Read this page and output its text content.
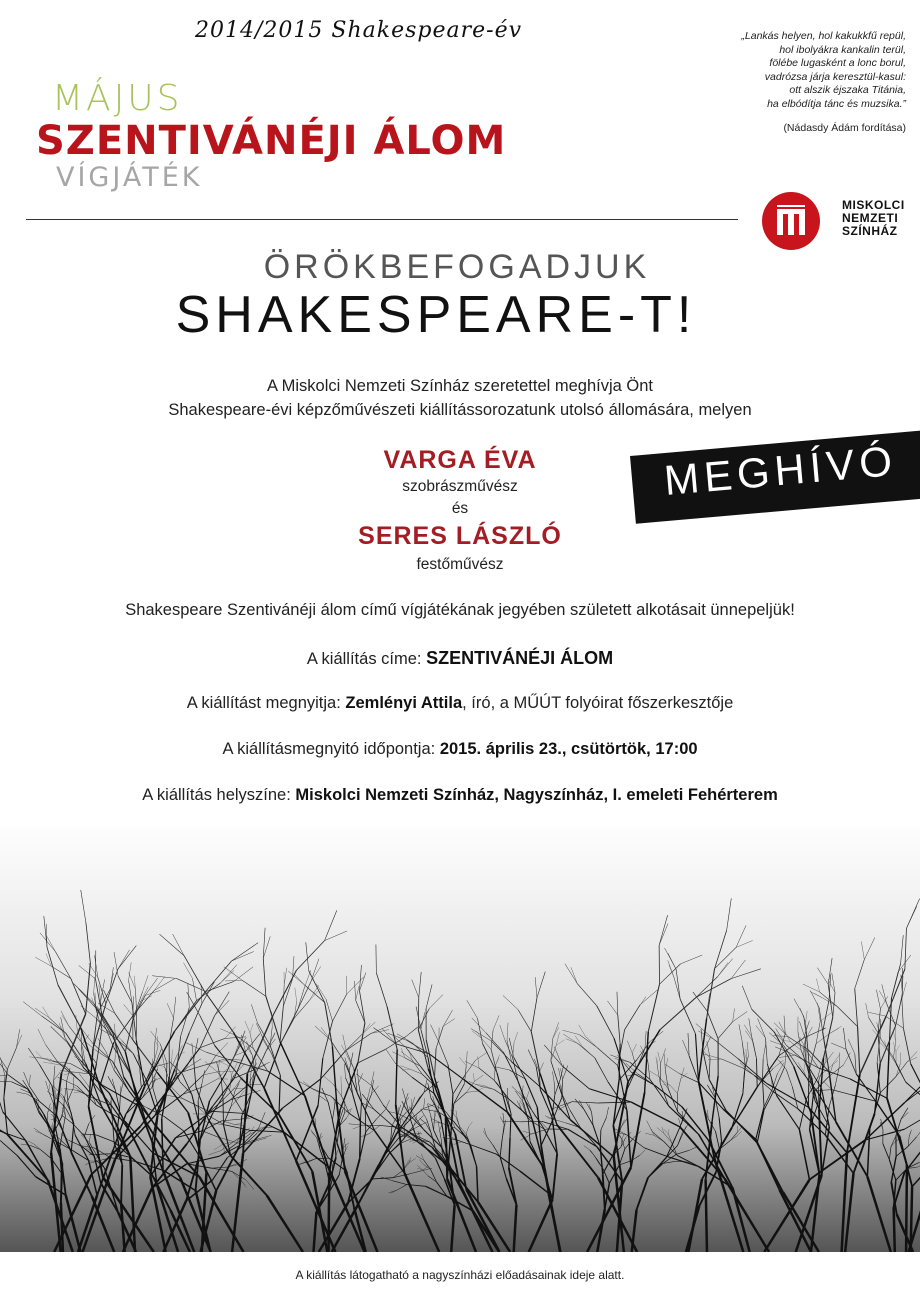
2014/2015 Shakespeare-év
MÁJUS
SZENTIVÁNÉJI ÁLOM
VÍGJÁTÉK
„Lankás helyen, hol kakukkfű repül,
hol ibolyákra kankalin terül,
fölébe lugasként a lonc borul,
vadrózsa járja keresztül-kasul:
ott alszik éjszaka Titánia,
ha elbódítja tánc és muzsika.”
(Nádasdy Ádám fordítása)
MISKOLCI
NEMZETI
SZÍNHÁZ
ÖRÖKBEFOGADJUK
SHAKESPEARE-T!
A Miskolci Nemzeti Színház szeretettel meghívja Önt
Shakespeare-évi képzőművészeti kiállítássorozatunk utolsó állomására, melyen
VARGA ÉVA
szobrászművész
és
SERES LÁSZLÓ
festőművész
MEGHÍVÓ
Shakespeare Szentivánéji álom című vígjátékának jegyében született alkotásait ünnepeljük!
A kiállítás címe: SZENTIVÁNÉJI ÁLOM
A kiállítást megnyitja: Zemlényi Attila, író, a MŰÚT folyóirat főszerkesztője
A kiállításmegnyitó időpontja: 2015. április 23., csütörtök, 17:00
A kiállítás helyszíne: Miskolci Nemzeti Színház, Nagyszínház, I. emeleti Fehérterem
A kiállítás látogatható a nagyszínházi előadásainak ideje alatt.
